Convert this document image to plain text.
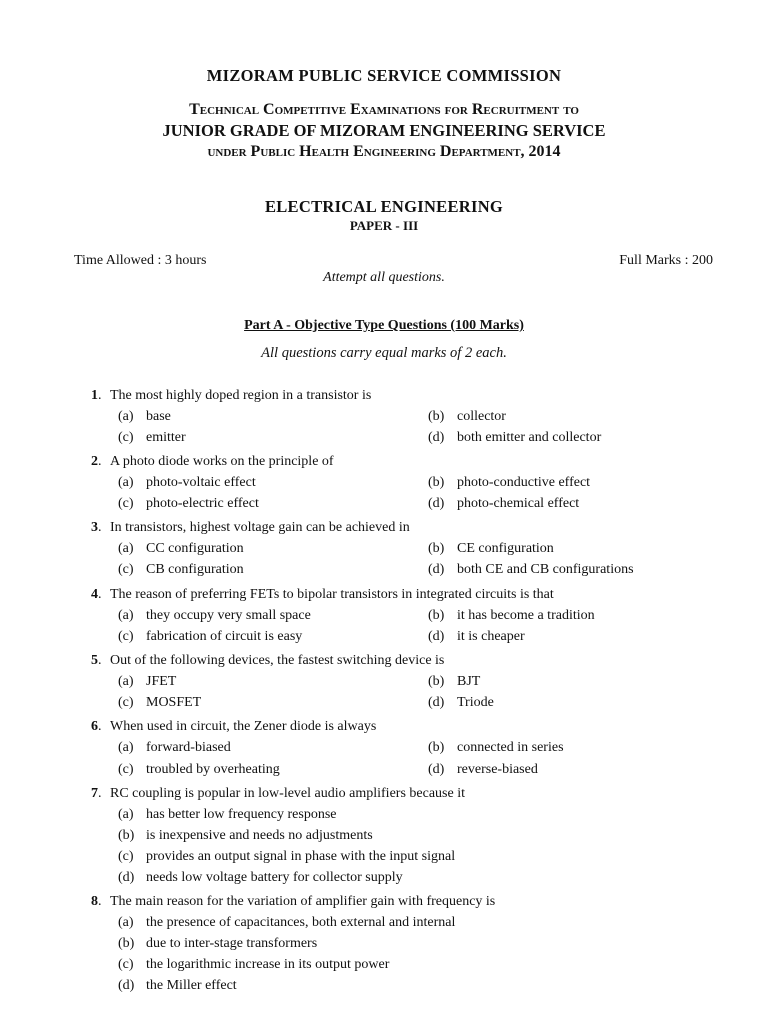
MIZORAM PUBLIC SERVICE COMMISSION
Technical Competitive Examinations for Recruitment to
JUNIOR GRADE OF MIZORAM ENGINEERING SERVICE
under Public Health Engineering Department, 2014
ELECTRICAL ENGINEERING
PAPER - III
Time Allowed : 3 hours	Full Marks : 200
Attempt all questions.
Part A - Objective Type Questions (100 Marks)
All questions carry equal marks of 2 each.
1. The most highly doped region in a transistor is
(a) base	(b) collector
(c) emitter	(d) both emitter and collector
2. A photo diode works on the principle of
(a) photo-voltaic effect	(b) photo-conductive effect
(c) photo-electric effect	(d) photo-chemical effect
3. In transistors, highest voltage gain can be achieved in
(a) CC configuration	(b) CE configuration
(c) CB configuration	(d) both CE and CB configurations
4. The reason of preferring FETs to bipolar transistors in integrated circuits is that
(a) they occupy very small space	(b) it has become a tradition
(c) fabrication of circuit is easy	(d) it is cheaper
5. Out of the following devices, the fastest switching device is
(a) JFET	(b) BJT
(c) MOSFET	(d) Triode
6. When used in circuit, the Zener diode is always
(a) forward-biased	(b) connected in series
(c) troubled by overheating	(d) reverse-biased
7. RC coupling is popular in low-level audio amplifiers because it
(a) has better low frequency response
(b) is inexpensive and needs no adjustments
(c) provides an output signal in phase with the input signal
(d) needs low voltage battery for collector supply
8. The main reason for the variation of amplifier gain with frequency is
(a) the presence of capacitances, both external and internal
(b) due to inter-stage transformers
(c) the logarithmic increase in its output power
(d) the Miller effect
